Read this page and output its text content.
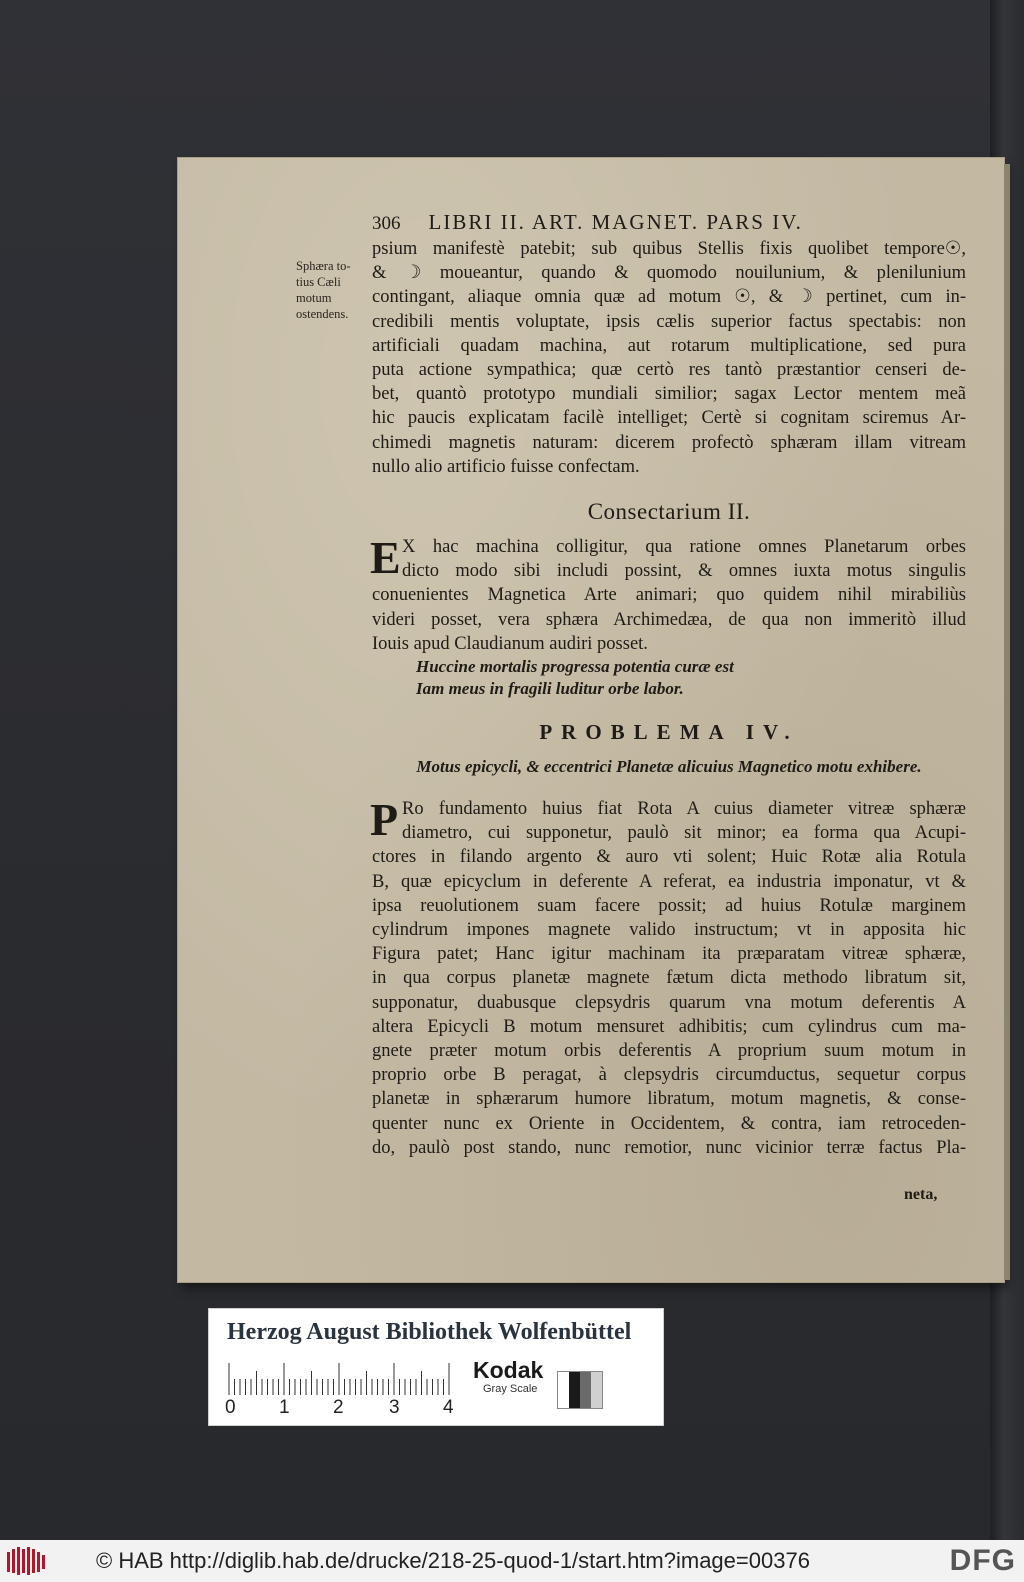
Sphæra to-
tius Cæli
motum
ostendens.
306 LIBRI II. ART. MAGNET. PARS IV.
psium manifestè patebit; sub quibus Stellis fixis quolibet tempore☉,
& ☽ moueantur, quando & quomodo nouilunium, & plenilunium
contingant, aliaque omnia quæ ad motum ☉, & ☽ pertinet, cum in-
credibili mentis voluptate, ipsis cælis superior factus spectabis: non
artificiali quadam machina, aut rotarum multiplicatione, sed pura
puta actione sympathica; quæ certò res tantò præstantior censeri de-
bet, quantò prototypo mundiali similior; sagax Lector mentem meã
hic paucis explicatam facilè intelliget; Certè si cognitam sciremus Ar-
chimedi magnetis naturam: dicerem profectò sphæram illam vitream
nullo alio artificio fuisse confectam.
Consectarium II.
E X hac machina colligitur, qua ratione omnes Planetarum orbes
dicto modo sibi includi possint, & omnes iuxta motus singulis
conuenientes Magnetica Arte animari; quo quidem nihil mirabiliùs
videri posset, vera sphæra Archimedæa, de qua non immeritò illud
Iouis apud Claudianum audiri posset.
Huccine mortalis progressa potentia curæ est
Iam meus in fragili luditur orbe labor.
PROBLEMA IV.
Motus epicycli, & eccentrici Planetæ alicuius Magnetico motu exhibere.
P Ro fundamento huius fiat Rota A cuius diameter vitreæ sphæræ
diametro, cui supponetur, paulò sit minor; ea forma qua Acupi-
ctores in filando argento & auro vti solent; Huic Rotæ alia Rotula
B, quæ epicyclum in deferente A referat, ea industria imponatur, vt &
ipsa reuolutionem suam facere possit; ad huius Rotulæ marginem
cylindrum impones magnete valido instructum; vt in apposita hic
Figura patet; Hanc igitur machinam ita præparatam vitreæ sphæræ,
in qua corpus planetæ magnete fætum dicta methodo libratum sit,
supponatur, duabusque clepsydris quarum vna motum deferentis A
altera Epicycli B motum mensuret adhibitis; cum cylindrus cum ma-
gnete præter motum orbis deferentis A proprium suum motum in
proprio orbe B peragat, à clepsydris circumductus, sequetur corpus
planetæ in sphærarum humore libratum, motum magnetis, & conse-
quenter nunc ex Oriente in Occidentem, & contra, iam retroceden-
do, paulò post stando, nunc remotior, nunc vicinior terræ factus Pla-
neta,
Herzog August Bibliothek Wolfenbüttel
0 1 2 3 4
Kodak
Gray Scale
© HAB http://diglib.hab.de/drucke/218-25-quod-1/start.htm?image=00376	DFG
